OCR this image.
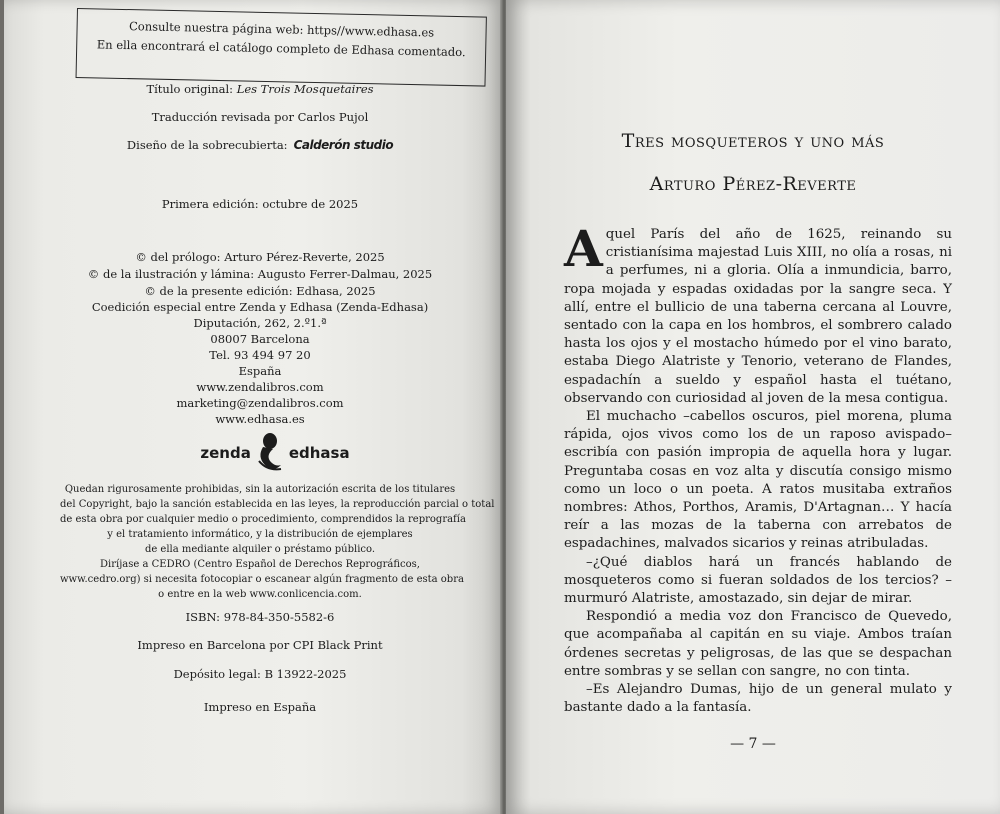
Consulte nuestra página web: https//www.edhasa.es
En ella encontrará el catálogo completo de Edhasa comentado.
Título original: Les Trois Mosquetaires
Traducción revisada por Carlos Pujol
Diseño de la sobrecubierta: Calderón studio
Primera edición: octubre de 2025
© del prólogo: Arturo Pérez-Reverte, 2025
© de la ilustración y lámina: Augusto Ferrer-Dalmau, 2025
© de la presente edición: Edhasa, 2025
Coedición especial entre Zenda y Edhasa (Zenda-Edhasa)
Diputación, 262, 2.º1.ª
08007 Barcelona
Tel. 93 494 97 20
España
www.zendalibros.com
marketing@zendalibros.com
www.edhasa.es
zenda	edhasa
Quedan rigurosamente prohibidas, sin la autorización escrita de los titulares
del Copyright, bajo la sanción establecida en las leyes, la reproducción parcial o total
de esta obra por cualquier medio o procedimiento, comprendidos la reprografía
y el tratamiento informático, y la distribución de ejemplares
de ella mediante alquiler o préstamo público.
Diríjase a CEDRO (Centro Español de Derechos Reprográficos,
www.cedro.org) si necesita fotocopiar o escanear algún fragmento de esta obra
o entre en la web www.conlicencia.com.
ISBN: 978-84-350-5582-6
Impreso en Barcelona por CPI Black Print
Depósito legal: B 13922-2025
Impreso en España
Tres mosqueteros y uno más
Arturo Pérez-Reverte

Aquel París del año de 1625, reinando su cristianísima majestad Luis XIII, no olía a rosas, ni a perfumes, ni a gloria. Olía a inmundicia, barro, ropa mojada y espadas oxidadas por la sangre seca. Y allí, entre el bullicio de una taberna cercana al Louvre, sentado con la capa en los hombros, el sombrero calado hasta los ojos y el mostacho húmedo por el vino barato, estaba Diego Alatriste y Tenorio, veterano de Flandes, espadachín a sueldo y español hasta el tuétano, observando con curiosidad al joven de la mesa contigua.

El muchacho –cabellos oscuros, piel morena, pluma rápida, ojos vivos como los de un raposo avispado– escribía con pasión impropia de aquella hora y lugar. Preguntaba cosas en voz alta y discutía consigo mismo como un loco o un poeta. A ratos musitaba extraños nombres: Athos, Porthos, Aramis, D'Artagnan… Y hacía reír a las mozas de la taberna con arrebatos de espadachines, malvados sicarios y reinas atribuladas.

–¿Qué diablos hará un francés hablando de mosqueteros como si fueran soldados de los tercios? –murmuró Alatriste, amostazado, sin dejar de mirar.

Respondió a media voz don Francisco de Quevedo, que acompañaba al capitán en su viaje. Ambos traían órdenes secretas y peligrosas, de las que se despachan entre sombras y se sellan con sangre, no con tinta.

–Es Alejandro Dumas, hijo de un general mulato y bastante dado a la fantasía.

— 7 —
